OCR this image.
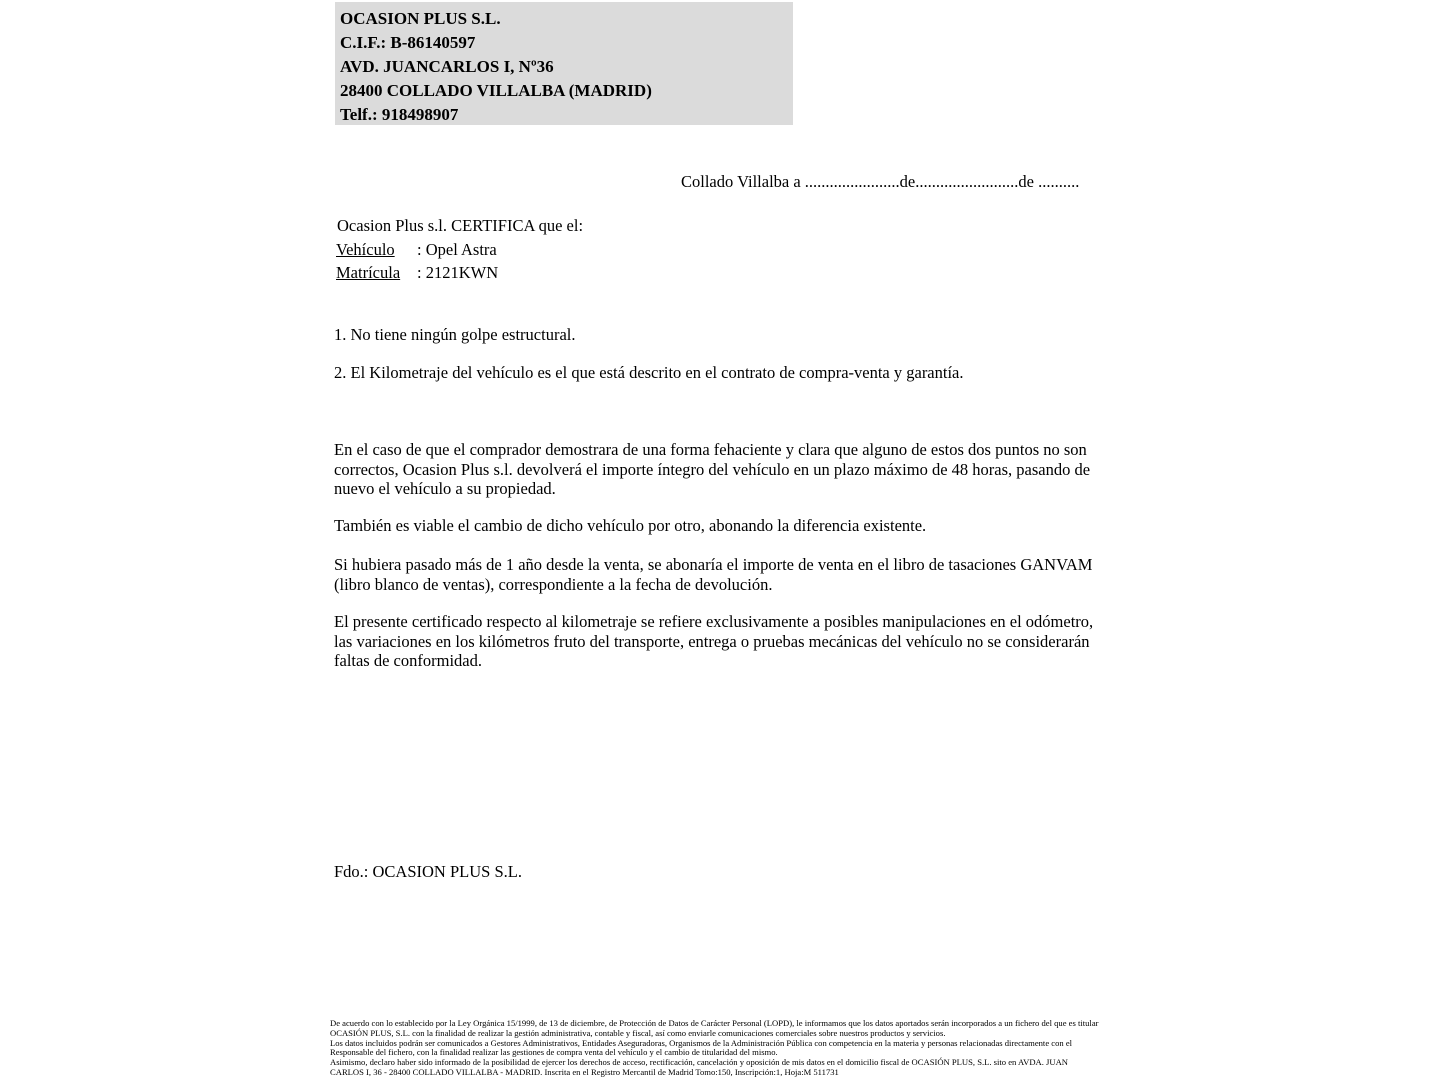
OCASION PLUS S.L.
C.I.F.: B-86140597
AVD. JUANCARLOS I, Nº36
28400 COLLADO VILLALBA (MADRID)
Telf.: 918498907
Collado Villalba a .......................de.........................de ..........
Ocasion Plus s.l. CERTIFICA que el:
Vehículo : Opel Astra
Matrícula : 2121KWN
1. No tiene ningún golpe estructural.
2. El Kilometraje del vehículo es el que está descrito en el contrato de compra-venta y garantía.
En el caso de que el comprador demostrara de una forma fehaciente y clara que alguno de estos dos puntos no son correctos, Ocasion Plus s.l. devolverá el importe íntegro del vehículo en un plazo máximo de 48 horas, pasando de nuevo el vehículo a su propiedad.
También es viable el cambio de dicho vehículo por otro, abonando la diferencia existente.
Si hubiera pasado más de 1 año desde la venta, se abonaría el importe de venta en el libro de tasaciones GANVAM (libro blanco de ventas), correspondiente a la fecha de devolución.
El presente certificado respecto al kilometraje se refiere exclusivamente a posibles manipulaciones en el odómetro, las variaciones en los kilómetros fruto del transporte, entrega o pruebas mecánicas del vehículo no se considerarán faltas de conformidad.
Fdo.: OCASION PLUS S.L.

De acuerdo con lo establecido por la Ley Orgánica 15/1999, de 13 de diciembre, de Protección de Datos de Carácter Personal (LOPD), le informamos que los datos aportados serán incorporados a un fichero del que es titular OCASIÓN PLUS, S.L. con la finalidad de realizar la gestión administrativa, contable y fiscal, así como enviarle comunicaciones comerciales sobre nuestros productos y servicios.

Los datos incluidos podrán ser comunicados a Gestores Administrativos, Entidades Aseguradoras, Organismos de la Administración Pública con competencia en la materia y personas relacionadas directamente con el Responsable del fichero, con la finalidad realizar las gestiones de compra venta del vehículo y el cambio de titularidad del mismo.

Asimismo, declaro haber sido informado de la posibilidad de ejercer los derechos de acceso, rectificación, cancelación y oposición de mis datos en el domicilio fiscal de OCASIÓN PLUS, S.L. sito en AVDA. JUAN CARLOS I, 36 - 28400 COLLADO VILLALBA - MADRID. Inscrita en el Registro Mercantil de Madrid Tomo:150, Inscripción:1, Hoja:M 511731
